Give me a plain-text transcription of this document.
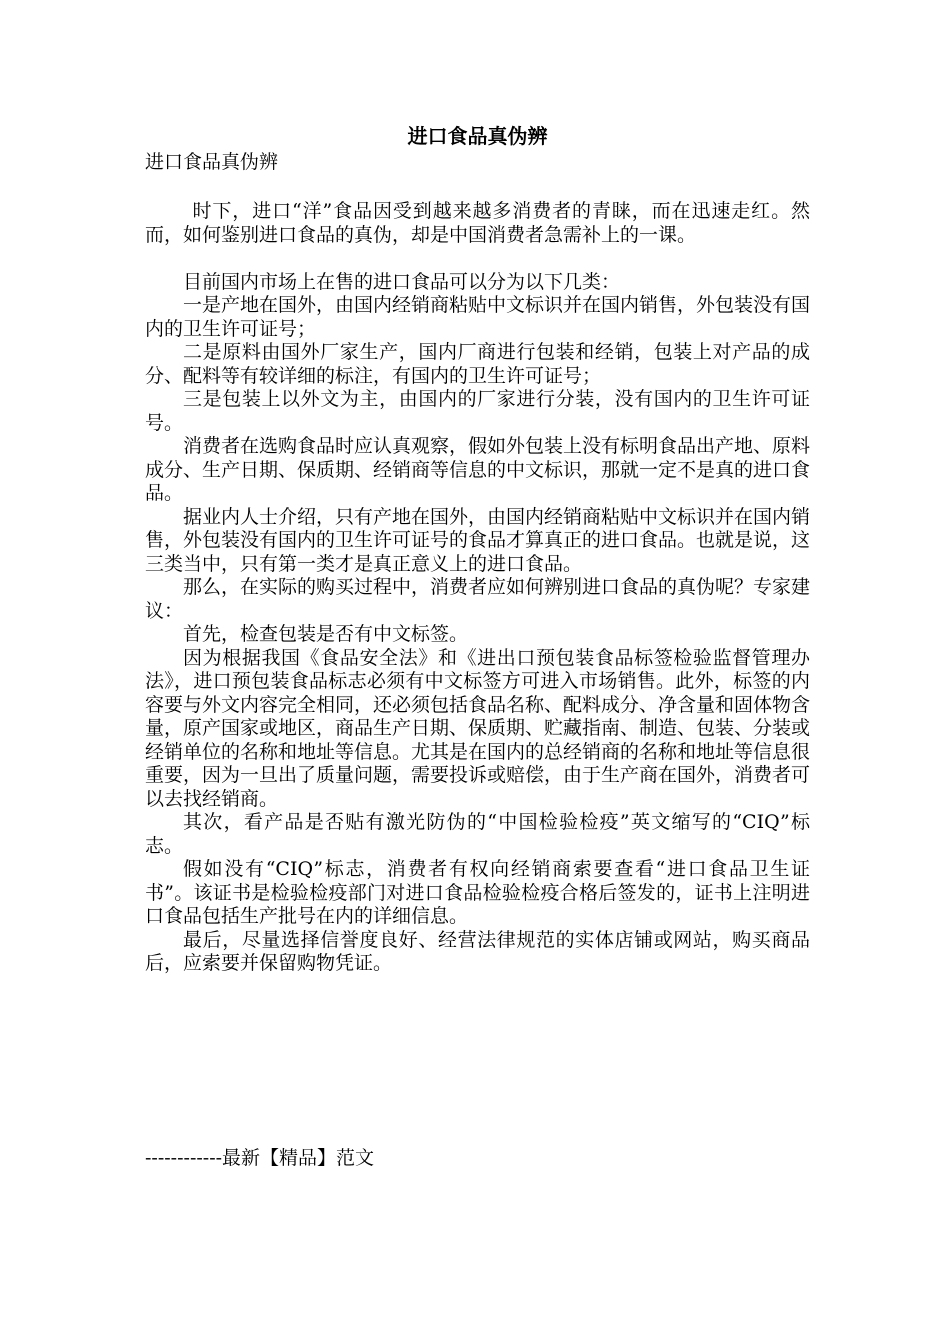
进口食品真伪辨
进口食品真伪辨

时下，进口“洋”食品因受到越来越多消费者的青睐，而在迅速走红。然而，如何鉴别进口食品的真伪，却是中国消费者急需补上的一课。

目前国内市场上在售的进口食品可以分为以下几类：

一是产地在国外，由国内经销商粘贴中文标识并在国内销售，外包装没有国内的卫生许可证号；

二是原料由国外厂家生产，国内厂商进行包装和经销，包装上对产品的成分、配料等有较详细的标注，有国内的卫生许可证号；

三是包装上以外文为主，由国内的厂家进行分装，没有国内的卫生许可证号。

消费者在选购食品时应认真观察，假如外包装上没有标明食品出产地、原料成分、生产日期、保质期、经销商等信息的中文标识，那就一定不是真的进口食品。

据业内人士介绍，只有产地在国外，由国内经销商粘贴中文标识并在国内销售，外包装没有国内的卫生许可证号的食品才算真正的进口食品。也就是说，这三类当中，只有第一类才是真正意义上的进口食品。

那么，在实际的购买过程中，消费者应如何辨别进口食品的真伪呢？专家建议：

首先，检查包装是否有中文标签。

因为根据我国《食品安全法》和《进出口预包装食品标签检验监督管理办法》，进口预包装食品标志必须有中文标签方可进入市场销售。此外，标签的内容要与外文内容完全相同，还必须包括食品名称、配料成分、净含量和固体物含量，原产国家或地区，商品生产日期、保质期、贮藏指南、制造、包装、分装或经销单位的名称和地址等信息。尤其是在国内的总经销商的名称和地址等信息很重要，因为一旦出了质量问题，需要投诉或赔偿，由于生产商在国外，消费者可以去找经销商。

其次，看产品是否贴有激光防伪的“中国检验检疫”英文缩写的“CIQ”标志。

假如没有“CIQ”标志，消费者有权向经销商索要查看“进口食品卫生证书”。该证书是检验检疫部门对进口食品检验检疫合格后签发的，证书上注明进口食品包括生产批号在内的详细信息。

最后，尽量选择信誉度良好、经营法律规范的实体店铺或网站，购买商品后，应索要并保留购物凭证。

------------最新【精品】范文
